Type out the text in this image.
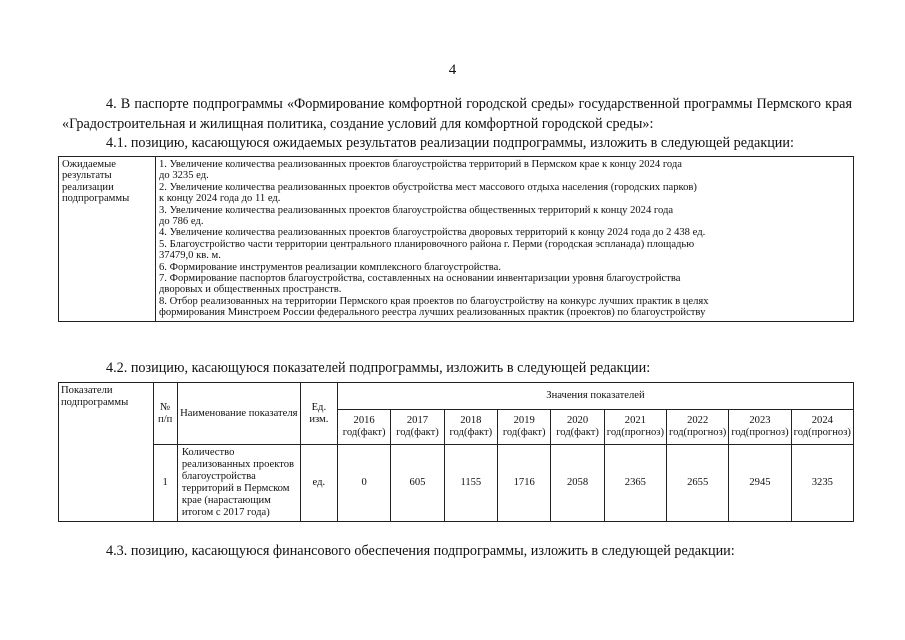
4
4. В паспорте подпрограммы «Формирование комфортной городской среды» государственной программы Пермского края «Градостроительная и жилищная политика, создание условий для комфортной городской среды»:
4.1. позицию, касающуюся ожидаемых результатов реализации подпрограммы, изложить в следующей редакции:
Ожидаемые
результаты
реализации
подпрограммы

1. Увеличение количества реализованных проектов благоустройства территорий в Пермском крае к концу 2024 года
до 3235 ед.
2. Увеличение количества реализованных проектов обустройства мест массового отдыха населения (городских парков)
к концу 2024 года до 11 ед.
3. Увеличение количества реализованных проектов благоустройства общественных территорий к концу 2024 года
до 786 ед.
4. Увеличение количества реализованных проектов благоустройства дворовых территорий к концу 2024 года до 2 438 ед.
5. Благоустройство части территории центрального планировочного района г. Перми (городская эспланада) площадью
37479,0 кв. м.
6. Формирование инструментов реализации комплексного благоустройства.
7. Формирование паспортов благоустройства, составленных на основании инвентаризации уровня благоустройства
дворовых и общественных пространств.
8. Отбор реализованных на территории Пермского края проектов по благоустройству на конкурс лучших практик в целях
формирования Минстроем России федерального реестра лучших реализованных практик (проектов) по благоустройству
4.2. позицию, касающуюся показателей подпрограммы, изложить в следующей редакции:
Показатели подпрограммы	№ п/п	Наименование показателя	Ед. изм.	Значения показателей								
				2016 год(факт)	2017 год(факт)	2018 год(факт)	2019 год(факт)	2020 год(факт)	2021 год(прогноз)	2022 год(прогноз)	2023 год(прогноз)	2024 год(прогноз)
	1	Количество реализованных проектов благоустройства территорий в Пермском крае (нарастающим итогом с 2017 года)	ед.	0	605	1155	1716	2058	2365	2655	2945	3235
4.3. позицию, касающуюся финансового обеспечения подпрограммы, изложить в следующей редакции:
